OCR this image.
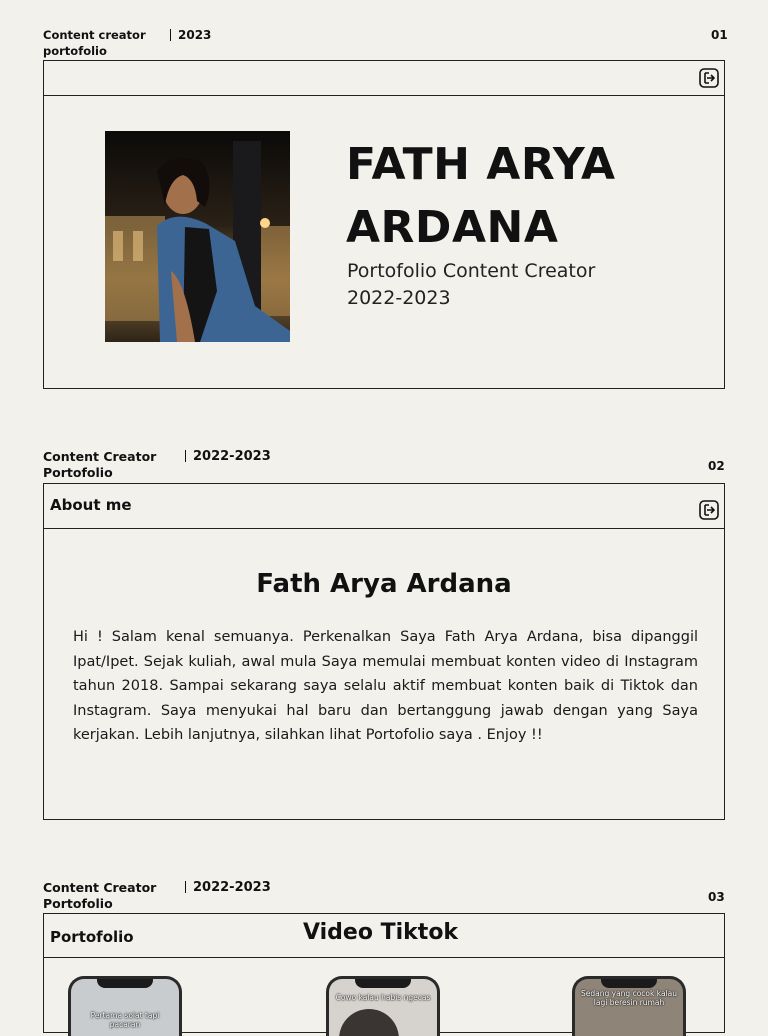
Content creator
portofolio
2023	01
FATH ARYA
ARDANA
Portofolio Content Creator
2022-2023
Content Creator
Portofolio
2022-2023
02
About me
Fath Arya Ardana
Hi ! Salam kenal semuanya. Perkenalkan Saya Fath Arya Ardana, bisa dipanggil Ipat/Ipet. Sejak kuliah, awal mula Saya memulai membuat konten video di Instagram tahun 2018. Sampai sekarang saya selalu aktif membuat konten baik di Tiktok dan Instagram. Saya menyukai hal baru dan bertanggung jawab dengan yang Saya kerjakan. Lebih lanjutnya, silahkan lihat Portofolio saya . Enjoy !!
Content Creator
Portofolio
2022-2023
03
Portofolio	Video Tiktok
Pertama solat tapi pacaran
Cowo kalau habis ngecas	Sedang yang cocok kalau lagi beresin rumah
